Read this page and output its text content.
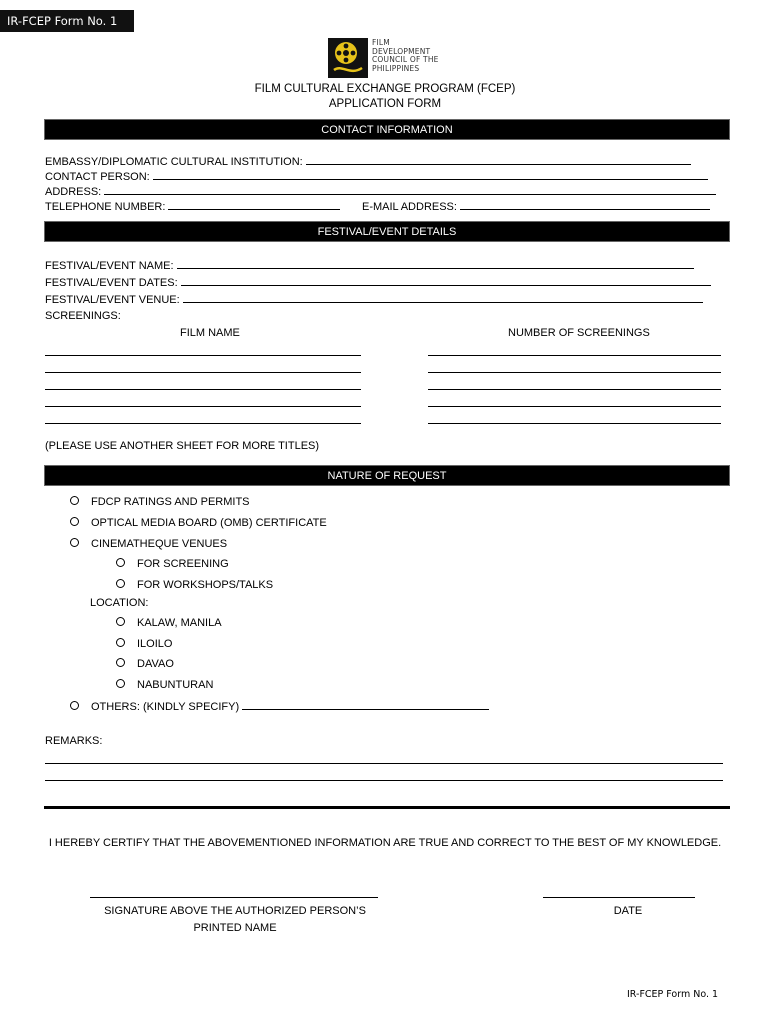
IR-FCEP Form No. 1
FILM
DEVELOPMENT
COUNCIL OF THE
PHILIPPINES
FILM CULTURAL EXCHANGE PROGRAM (FCEP)
APPLICATION FORM
CONTACT INFORMATION
EMBASSY/DIPLOMATIC CULTURAL INSTITUTION:
CONTACT PERSON:
ADDRESS:
TELEPHONE NUMBER:	E-MAIL ADDRESS:
FESTIVAL/EVENT DETAILS
FESTIVAL/EVENT NAME:
FESTIVAL/EVENT DATES:
FESTIVAL/EVENT VENUE:
SCREENINGS:
FILM NAME	NUMBER OF SCREENINGS
(PLEASE USE ANOTHER SHEET FOR MORE TITLES)
NATURE OF REQUEST
FDCP RATINGS AND PERMITS
OPTICAL MEDIA BOARD (OMB) CERTIFICATE
CINEMATHEQUE VENUES
FOR SCREENING
FOR WORKSHOPS/TALKS
LOCATION:
KALAW, MANILA
ILOILO
DAVAO
NABUNTURAN
OTHERS: (KINDLY SPECIFY)
REMARKS:
I HEREBY CERTIFY THAT THE ABOVEMENTIONED INFORMATION ARE TRUE AND CORRECT TO THE BEST OF MY KNOWLEDGE.
SIGNATURE ABOVE THE AUTHORIZED PERSON’S
PRINTED NAME
DATE
IR-FCEP Form No. 1
